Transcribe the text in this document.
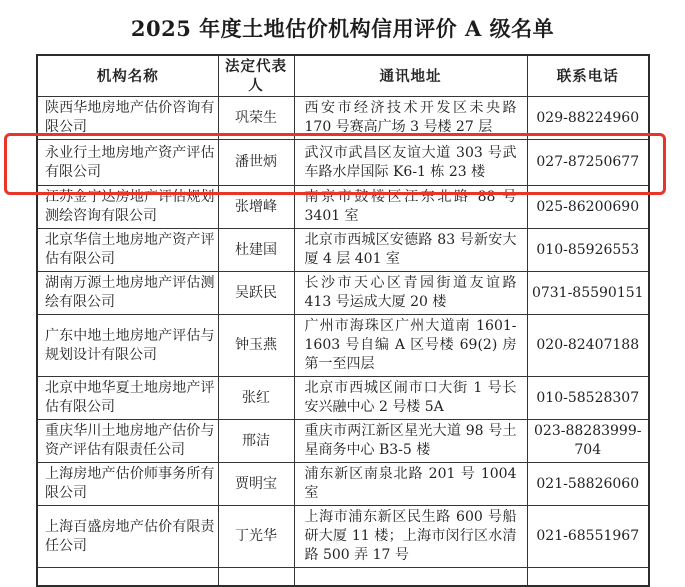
2025 年度土地估价机构信用评价 A 级名单
机构名称	法定代表人	通讯地址	联系电话
陕西华地房地产估价咨询有限公司	巩荣生	西安市经济技术开发区未央路 170 号赛高广场 3 号楼 27 层	029-88224960
永业行土地房地产资产评估有限公司	潘世炳	武汉市武昌区友谊大道 303 号武车路水岸国际 K6-1 栋 23 楼	027-87250677
江苏金宁达房地产评估规划测绘咨询有限公司	张增峰	南京市鼓楼区江东北路 88 号 3401 室	025-86200690
北京华信土地房地产资产评估有限公司	杜建国	北京市西城区安德路 83 号新安大厦 4 层 401 室	010-85926553
湖南万源土地房地产评估测绘有限公司	吴跃民	长沙市天心区青园街道友谊路 413 号运成大厦 20 楼	0731-85590151
广东中地土地房地产评估与规划设计有限公司	钟玉燕	广州市海珠区广州大道南 1601-1603 号自编 A 区号楼 69(2) 房第一至四层	020-82407188
北京中地华夏土地房地产评估有限公司	张红	北京市西城区闹市口大街 1 号长安兴融中心 2 号楼 5A	010-58528307
重庆华川土地房地产估价与资产评估有限责任公司	邢洁	重庆市两江新区星光大道 98 号土星商务中心 B3-5 楼	023-88283999-704
上海房地产估价师事务所有限公司	贾明宝	浦东新区南泉北路 201 号 1004 室	021-58826060
上海百盛房地产估价有限责任公司	丁光华	上海市浦东新区民生路 600 号船研大厦 11 楼；上海市闵行区水清路 500 弄 17 号	021-68551967
